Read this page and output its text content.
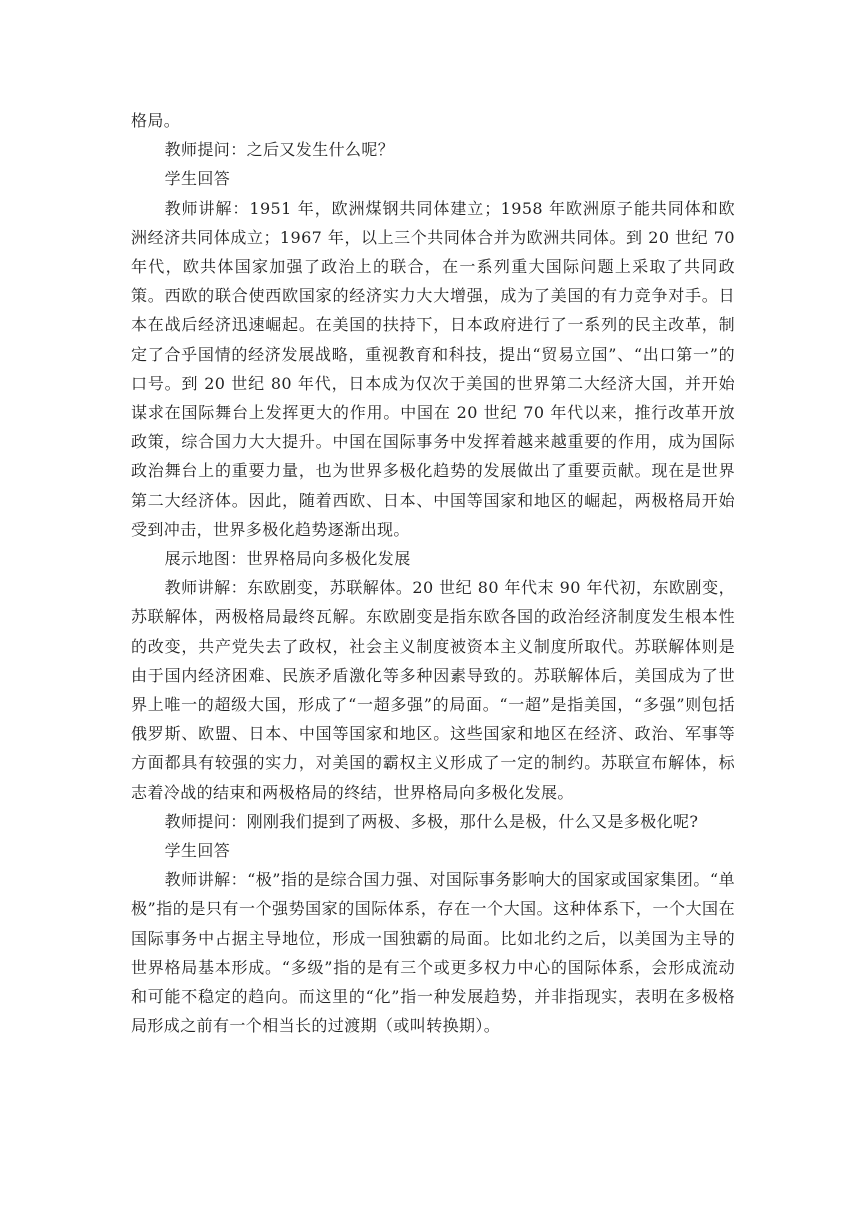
格局。

教师提问：之后又发生什么呢？

学生回答

教师讲解：1951 年，欧洲煤钢共同体建立；1958 年欧洲原子能共同体和欧洲经济共同体成立；1967 年，以上三个共同体合并为欧洲共同体。到 20 世纪 70 年代，欧共体国家加强了政治上的联合，在一系列重大国际问题上采取了共同政策。西欧的联合使西欧国家的经济实力大大增强，成为了美国的有力竞争对手。日本在战后经济迅速崛起。在美国的扶持下，日本政府进行了一系列的民主改革，制定了合乎国情的经济发展战略，重视教育和科技，提出“贸易立国”、“出口第一”的口号。到 20 世纪 80 年代，日本成为仅次于美国的世界第二大经济大国，并开始谋求在国际舞台上发挥更大的作用。中国在 20 世纪 70 年代以来，推行改革开放政策，综合国力大大提升。中国在国际事务中发挥着越来越重要的作用，成为国际政治舞台上的重要力量，也为世界多极化趋势的发展做出了重要贡献。现在是世界第二大经济体。因此，随着西欧、日本、中国等国家和地区的崛起，两极格局开始受到冲击，世界多极化趋势逐渐出现。

展示地图：世界格局向多极化发展

教师讲解：东欧剧变，苏联解体。20 世纪 80 年代末 90 年代初，东欧剧变，苏联解体，两极格局最终瓦解。东欧剧变是指东欧各国的政治经济制度发生根本性的改变，共产党失去了政权，社会主义制度被资本主义制度所取代。苏联解体则是由于国内经济困难、民族矛盾激化等多种因素导致的。苏联解体后，美国成为了世界上唯一的超级大国，形成了“一超多强”的局面。“一超”是指美国，“多强”则包括俄罗斯、欧盟、日本、中国等国家和地区。这些国家和地区在经济、政治、军事等方面都具有较强的实力，对美国的霸权主义形成了一定的制约。苏联宣布解体，标志着冷战的结束和两极格局的终结，世界格局向多极化发展。

教师提问：刚刚我们提到了两极、多极，那什么是极，什么又是多极化呢?

学生回答

教师讲解：“极”指的是综合国力强、对国际事务影响大的国家或国家集团。“单极”指的是只有一个强势国家的国际体系，存在一个大国。这种体系下，一个大国在国际事务中占据主导地位，形成一国独霸的局面。比如北约之后，以美国为主导的世界格局基本形成。“多级”指的是有三个或更多权力中心的国际体系，会形成流动和可能不稳定的趋向。而这里的“化”指一种发展趋势，并非指现实，表明在多极格局形成之前有一个相当长的过渡期（或叫转换期）。
